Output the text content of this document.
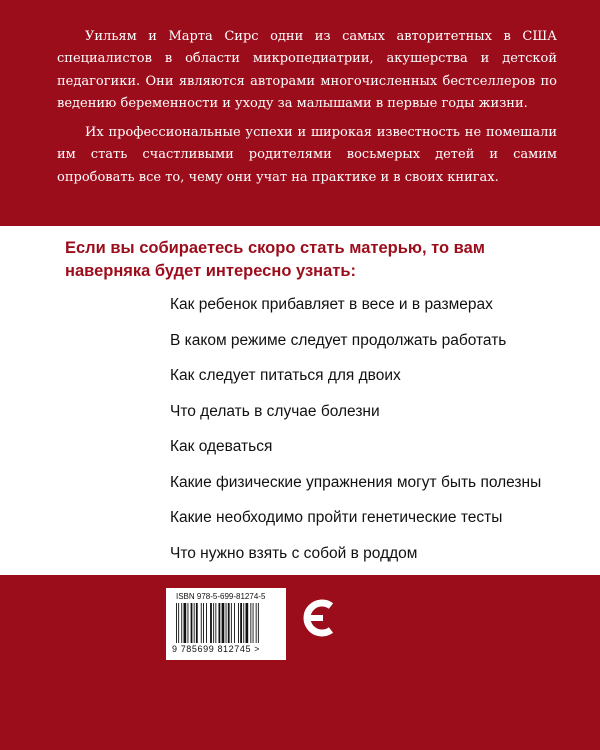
Уильям и Марта Сирс одни из самых авторитетных в США специалистов в области микропедиатрии, акушерства и детской педагогики. Они являются авторами многочисленных бестселлеров по ведению беременности и уходу за малышами в первые годы жизни.

Их профессиональные успехи и широкая известность не помешали им стать счастливыми родителями восьмерых детей и самим опробовать все то, чему они учат на практике и в своих книгах.

Если вы собираетесь скоро стать матерью, то вам наверняка будет интересно узнать:
Как ребенок прибавляет в весе и в размерах
В каком режиме следует продолжать работать
Как следует питаться для двоих
Что делать в случае болезни
Как одеваться
Какие физические упражнения могут быть полезны
Какие необходимо пройти генетические тесты
Что нужно взять с собой в роддом
ISBN 978-5-699-81274-5
9 785699 812745 >
